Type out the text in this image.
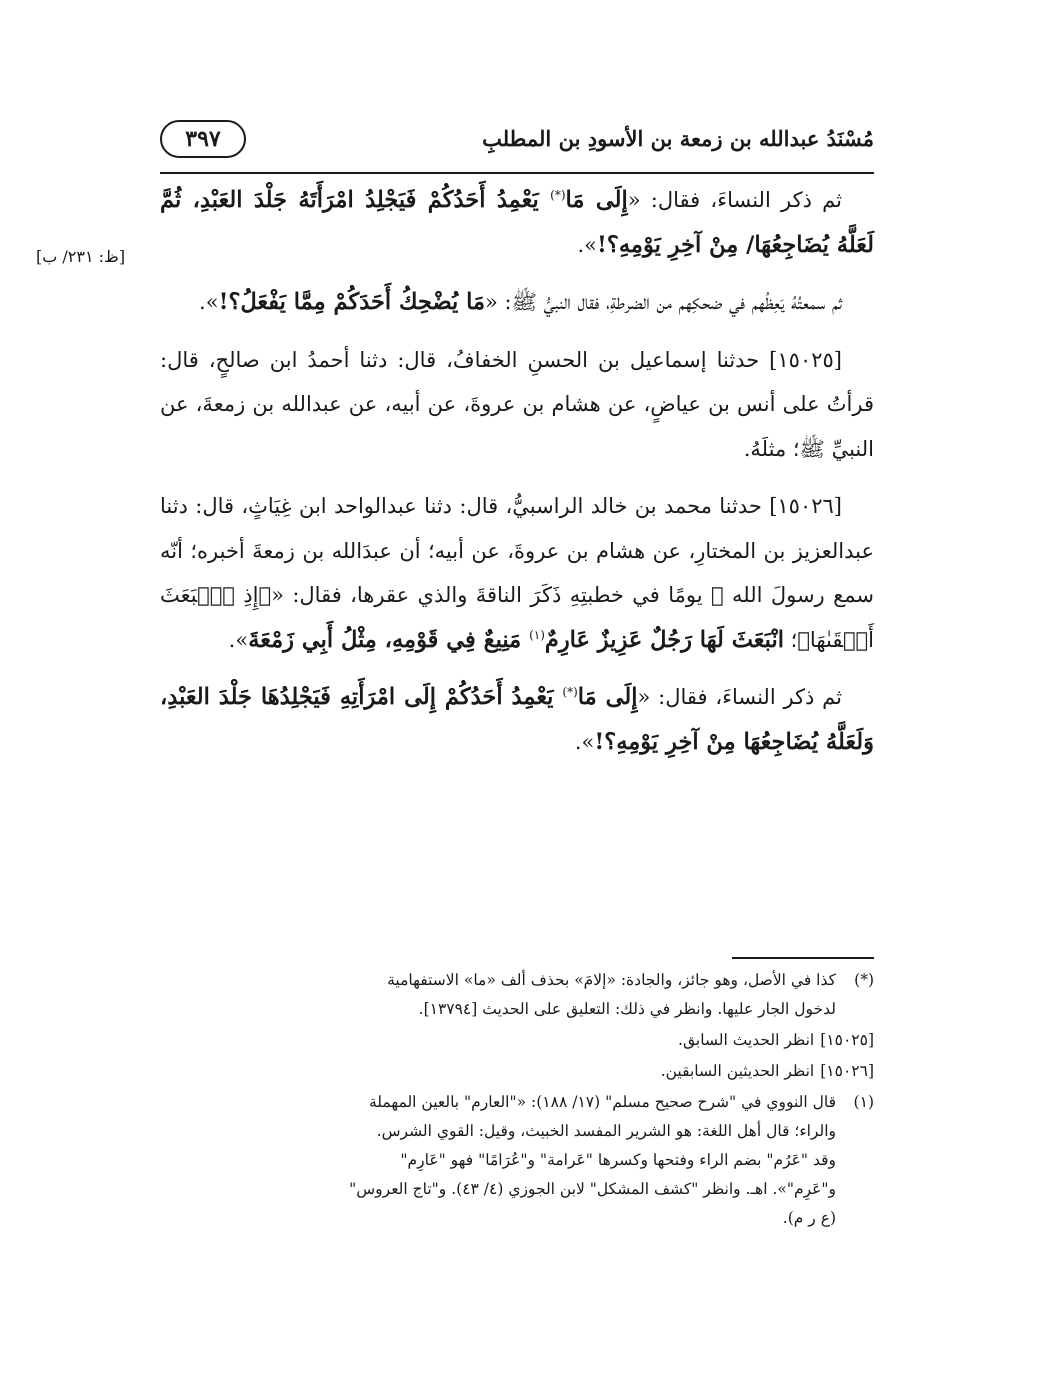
مُسْنَدُ عبدالله بن زمعة بن الأسودِ بن المطلبِ
٣٩٧
[ظ: ٢٣١/ ب]

ثم ذكر النساءَ، فقال: «إِلَى مَا(*) يَعْمِدُ أَحَدُكُمْ فَيَجْلِدُ امْرَأَتَهُ جَلْدَ العَبْدِ، ثُمَّ لَعَلَّهُ يُضَاجِعُهَا/ مِنْ آخِرِ يَوْمِهِ؟!».

ثم سمعتُهُ يَعِظُهم في ضحكِهم من الضرطةِ، فقال النبيُّ ﷺ: «مَا يُضْحِكُ أَحَدَكُمْ مِمَّا يَفْعَلُ؟!».

[١٥٠٢٥] حدثنا إسماعيل بن الحسنِ الخفافُ، قال: دثنا أحمدُ ابن صالحٍ، قال: قرأتُ على أنس بن عياضٍ، عن هشام بن عروةَ، عن أبيه، عن عبدالله بن زمعةَ، عن النبيِّ ﷺ؛ مثلَهُ.

[١٥٠٢٦] حدثنا محمد بن خالد الراسبيُّ، قال: دثنا عبدالواحد ابن غِيَاثٍ، قال: دثنا عبدالعزيز بن المختارِ، عن هشام بن عروةَ، عن أبيه؛ أن عبدَالله بن زمعةَ أخبره؛ أنّه سمع رسولَ الله ﷺ يومًا في خطبتِهِ ذَكَرَ الناقةَ والذي عقرها، فقال: «﴿إِذِ ٱنۢبَعَثَ أَشۡقَىٰهَا﴾؛ انْبَعَثَ لَهَا رَجُلٌ عَزِيزٌ عَارِمٌ$^{(١)}$ مَنِيعٌ فِي قَوْمِهِ، مِثْلُ أَبِي زَمْعَةَ».

ثم ذكر النساءَ، فقال: «إِلَى مَا(*) يَعْمِدُ أَحَدُكُمْ إِلَى امْرَأَتِهِ فَيَجْلِدُهَا جَلْدَ العَبْدِ، وَلَعَلَّهُ يُضَاجِعُهَا مِنْ آخِرِ يَوْمِهِ؟!».

(*)
كذا في الأصل، وهو جائز، والجادة: «إلامَ» بحذف ألف «ما» الاستفهامية
لدخول الجار عليها. وانظر في ذلك: التعليق على الحديث [١٣٧٩٤].
[١٥٠٢٥]
انظر الحديث السابق.
[١٥٠٢٦]
انظر الحديثين السابقين.
(١)
قال النووي في "شرح صحيح مسلم" (١٧/ ١٨٨): «"العارم" بالعين المهملة
والراء؛ قال أهل اللغة: هو الشرير المفسد الخبيث، وقيل: القوي الشرس.
وقد "عَرُم" بضم الراء وفتحها وكسرها "عَرامة" و"عُرَامًا" فهو "عَارِم"
و"عَرِم"». اهـ. وانظر "كشف المشكل" لابن الجوزي (٤/ ٤٣). و"تاج العروس"
(ع ر م).
